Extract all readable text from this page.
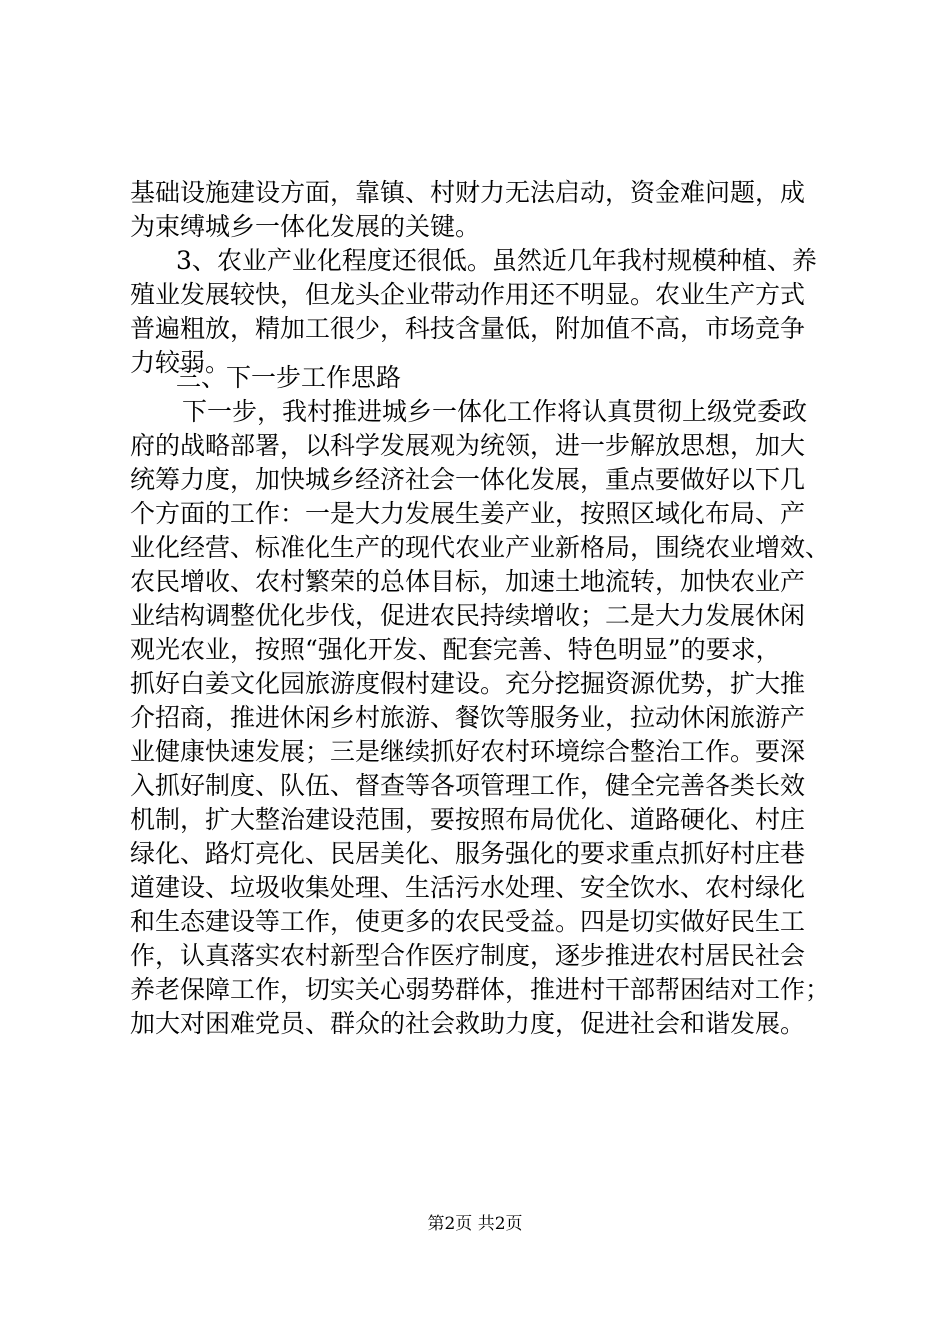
基础设施建设方面，靠镇、村财力无法启动，资金难问题，成
为束缚城乡一体化发展的关键。
3、农业产业化程度还很低。虽然近几年我村规模种植、养
殖业发展较快，但龙头企业带动作用还不明显。农业生产方式
普遍粗放，精加工很少，科技含量低，附加值不高，市场竞争
力较弱。
三、下一步工作思路
下一步，我村推进城乡一体化工作将认真贯彻上级党委政
府的战略部署，以科学发展观为统领，进一步解放思想，加大
统筹力度，加快城乡经济社会一体化发展，重点要做好以下几
个方面的工作：一是大力发展生姜产业，按照区域化布局、产
业化经营、标准化生产的现代农业产业新格局，围绕农业增效、
农民增收、农村繁荣的总体目标，加速土地流转，加快农业产
业结构调整优化步伐，促进农民持续增收；二是大力发展休闲
观光农业，按照“强化开发、配套完善、特色明显”的要求，
抓好白姜文化园旅游度假村建设。充分挖掘资源优势，扩大推
介招商，推进休闲乡村旅游、餐饮等服务业，拉动休闲旅游产
业健康快速发展；三是继续抓好农村环境综合整治工作。要深
入抓好制度、队伍、督查等各项管理工作，健全完善各类长效
机制，扩大整治建设范围，要按照布局优化、道路硬化、村庄
绿化、路灯亮化、民居美化、服务强化的要求重点抓好村庄巷
道建设、垃圾收集处理、生活污水处理、安全饮水、农村绿化
和生态建设等工作，使更多的农民受益。四是切实做好民生工
作，认真落实农村新型合作医疗制度，逐步推进农村居民社会
养老保障工作，切实关心弱势群体，推进村干部帮困结对工作；
加大对困难党员、群众的社会救助力度，促进社会和谐发展。
第2页 共2页
